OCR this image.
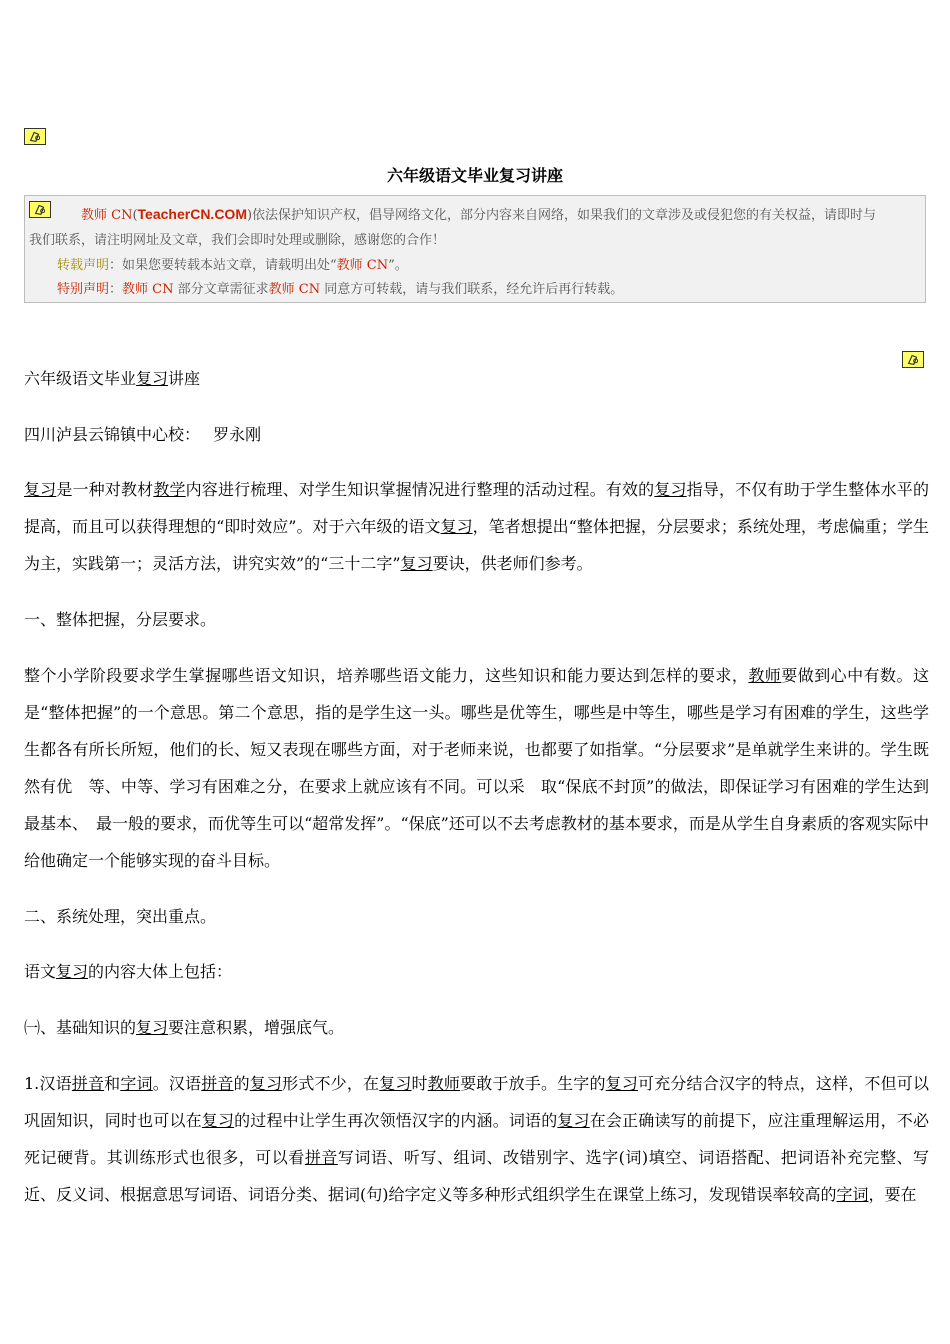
六年级语文毕业复习讲座
教师 CN(TeacherCN.COM)依法保护知识产权，倡导网络文化，部分内容来自网络，如果我们的文章涉及或侵犯您的有关权益，请即时与
我们联系，请注明网址及文章，我们会即时处理或删除，感谢您的合作！
转载声明：如果您要转载本站文章，请载明出处“教师 CN”。
特别声明：教师 CN 部分文章需征求教师 CN 同意方可转载，请与我们联系，经允许后再行转载。
六年级语文毕业复习讲座
四川泸县云锦镇中心校：　 罗永刚
复习是一种对教材教学内容进行梳理、对学生知识掌握情况进行整理的活动过程。有效的复习指导，不仅有助于学生整体水平的提高，而且可以获得理想的“即时效应”。对于六年级的语文复习，笔者想提出“整体把握，分层要求；系统处理，考虑偏重；学生为主，实践第一；灵活方法，讲究实效”的“三十二字”复习要诀，供老师们参考。
一、整体把握，分层要求。
整个小学阶段要求学生掌握哪些语文知识，培养哪些语文能力，这些知识和能力要达到怎样的要求，教师要做到心中有数。这是“整体把握”的一个意思。第二个意思，指的是学生这一头。哪些是优等生，哪些是中等生，哪些是学习有困难的学生，这些学生都各有所长所短，他们的长、短又表现在哪些方面，对于老师来说，也都要了如指掌。“分层要求”是单就学生来讲的。学生既然有优　等、中等、学习有困难之分，在要求上就应该有不同。可以采　取“保底不封顶”的做法，即保证学习有困难的学生达到最基本、　最一般的要求，而优等生可以“超常发挥”。“保底”还可以不去考虑教材的基本要求，而是从学生自身素质的客观实际中给他确定一个能够实现的奋斗目标。
二、系统处理，突出重点。
语文复习的内容大体上包括：
㈠、基础知识的复习要注意积累，增强底气。
1.汉语拼音和字词。汉语拼音的复习形式不少，在复习时教师要敢于放手。生字的复习可充分结合汉字的特点，这样，不但可以巩固知识，同时也可以在复习的过程中让学生再次领悟汉字的内涵。词语的复习在会正确读写的前提下，应注重理解运用，不必死记硬背。其训练形式也很多，可以看拼音写词语、听写、组词、改错别字、选字(词)填空、词语搭配、把词语补充完整、写近、反义词、根据意思写词语、词语分类、据词(句)给字定义等多种形式组织学生在课堂上练习，发现错误率较高的字词，要在
